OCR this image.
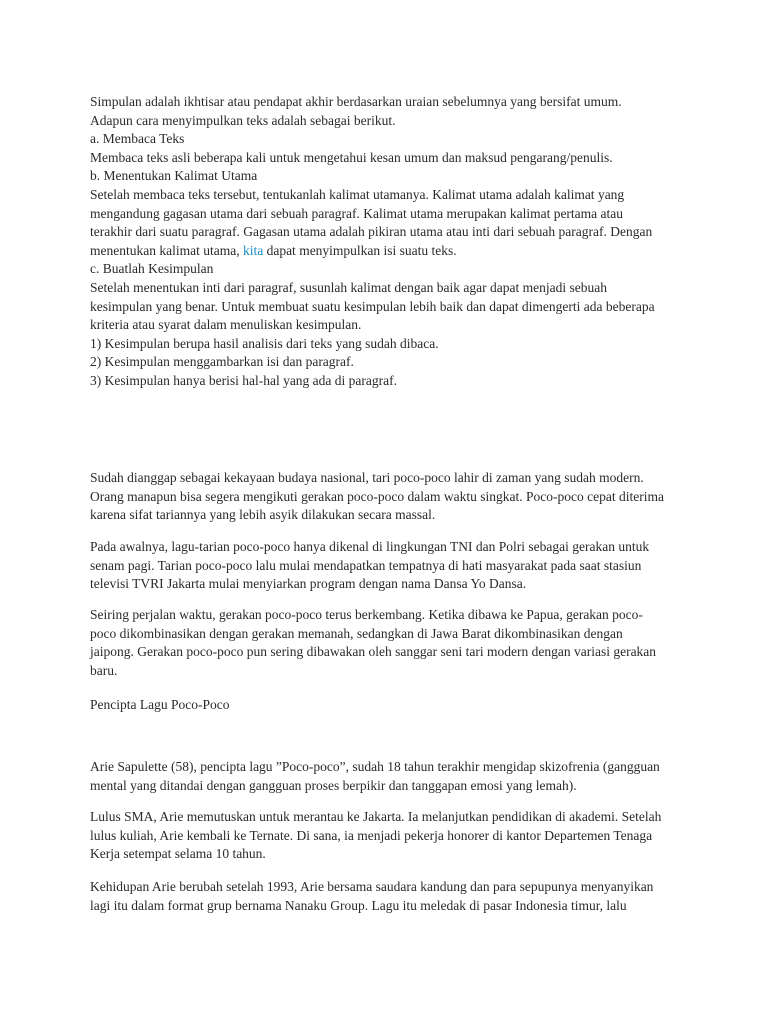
Simpulan adalah ikhtisar atau pendapat akhir berdasarkan uraian sebelumnya yang bersifat umum.

Adapun cara menyimpulkan teks adalah sebagai berikut.

a. Membaca Teks

Membaca teks asli beberapa kali untuk mengetahui kesan umum dan maksud pengarang/penulis.

b. Menentukan Kalimat Utama

Setelah membaca teks tersebut, tentukanlah kalimat utamanya. Kalimat utama adalah kalimat yang

mengandung gagasan utama dari sebuah paragraf. Kalimat utama merupakan kalimat pertama atau

terakhir dari suatu paragraf. Gagasan utama adalah pikiran utama atau inti dari sebuah paragraf. Dengan

menentukan kalimat utama, kita dapat menyimpulkan isi suatu teks.

c. Buatlah Kesimpulan

Setelah menentukan inti dari paragraf, susunlah kalimat dengan baik agar dapat menjadi sebuah

kesimpulan yang benar. Untuk membuat suatu kesimpulan lebih baik dan dapat dimengerti ada beberapa

kriteria atau syarat dalam menuliskan kesimpulan.

1) Kesimpulan berupa hasil analisis dari teks yang sudah dibaca.

2) Kesimpulan menggambarkan isi dan paragraf.

3) Kesimpulan hanya berisi hal-hal yang ada di paragraf.

Sudah dianggap sebagai kekayaan budaya nasional, tari poco-poco lahir di zaman yang sudah modern.

Orang manapun bisa segera mengikuti gerakan poco-poco dalam waktu singkat. Poco-poco cepat diterima

karena sifat tariannya yang lebih asyik dilakukan secara massal.

Pada awalnya, lagu-tarian poco-poco hanya dikenal di lingkungan TNI dan Polri sebagai gerakan untuk

senam pagi. Tarian poco-poco lalu mulai mendapatkan tempatnya di hati masyarakat pada saat stasiun

televisi TVRI Jakarta mulai menyiarkan program dengan nama Dansa Yo Dansa.

Seiring perjalan waktu, gerakan poco-poco terus berkembang. Ketika dibawa ke Papua, gerakan poco-

poco dikombinasikan dengan gerakan memanah, sedangkan di Jawa Barat dikombinasikan dengan

jaipong. Gerakan poco-poco pun sering dibawakan oleh sanggar seni tari modern dengan variasi gerakan

baru.

Pencipta Lagu Poco-Poco

Arie Sapulette (58), pencipta lagu ”Poco-poco”, sudah 18 tahun terakhir mengidap skizofrenia (gangguan

mental yang ditandai dengan gangguan proses berpikir dan tanggapan emosi yang lemah).

Lulus SMA, Arie memutuskan untuk merantau ke Jakarta. Ia melanjutkan pendidikan di akademi. Setelah

lulus kuliah, Arie kembali ke Ternate. Di sana, ia menjadi pekerja honorer di kantor Departemen Tenaga

Kerja setempat selama 10 tahun.

Kehidupan Arie berubah setelah 1993, Arie bersama saudara kandung dan para sepupunya menyanyikan

lagi itu dalam format grup bernama Nanaku Group. Lagu itu meledak di pasar Indonesia timur, lalu
